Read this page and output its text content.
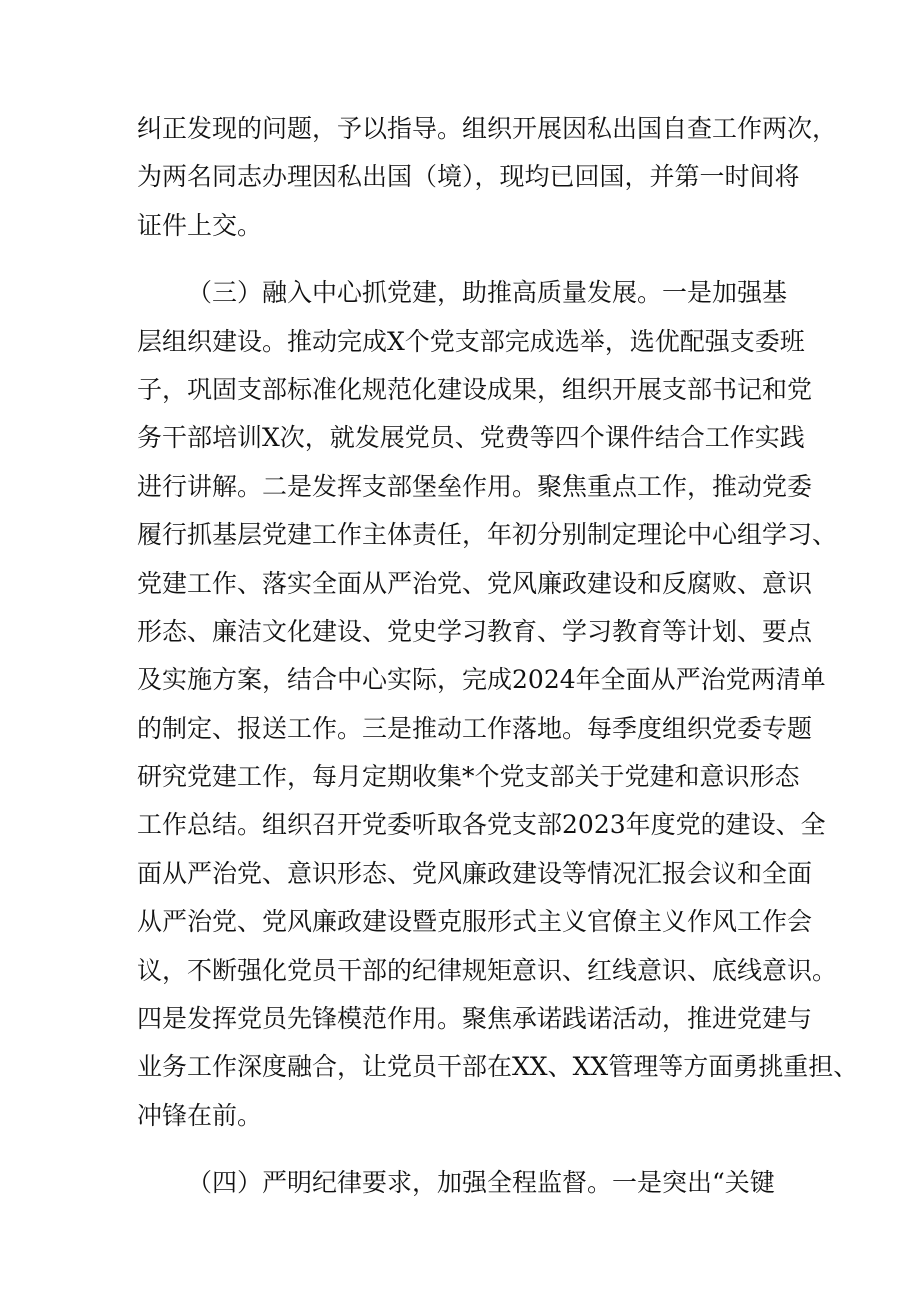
纠正发现的问题，予以指导。组织开展因私出国自查工作两次，
为两名同志办理因私出国（境），现均已回国，并第一时间将
证件上交。
（三）融入中心抓党建，助推高质量发展。一是加强基
层组织建设。推动完成X个党支部完成选举，选优配强支委班
子，巩固支部标准化规范化建设成果，组织开展支部书记和党
务干部培训X次，就发展党员、党费等四个课件结合工作实践
进行讲解。二是发挥支部堡垒作用。聚焦重点工作，推动党委
履行抓基层党建工作主体责任，年初分别制定理论中心组学习、
党建工作、落实全面从严治党、党风廉政建设和反腐败、意识
形态、廉洁文化建设、党史学习教育、学习教育等计划、要点
及实施方案，结合中心实际，完成2024年全面从严治党两清单
的制定、报送工作。三是推动工作落地。每季度组织党委专题
研究党建工作，每月定期收集*个党支部关于党建和意识形态
工作总结。组织召开党委听取各党支部2023年度党的建设、全
面从严治党、意识形态、党风廉政建设等情况汇报会议和全面
从严治党、党风廉政建设暨克服形式主义官僚主义作风工作会
议，不断强化党员干部的纪律规矩意识、红线意识、底线意识。
四是发挥党员先锋模范作用。聚焦承诺践诺活动，推进党建与
业务工作深度融合，让党员干部在XX、XX管理等方面勇挑重担、
冲锋在前。
（四）严明纪律要求，加强全程监督。一是突出“关键
